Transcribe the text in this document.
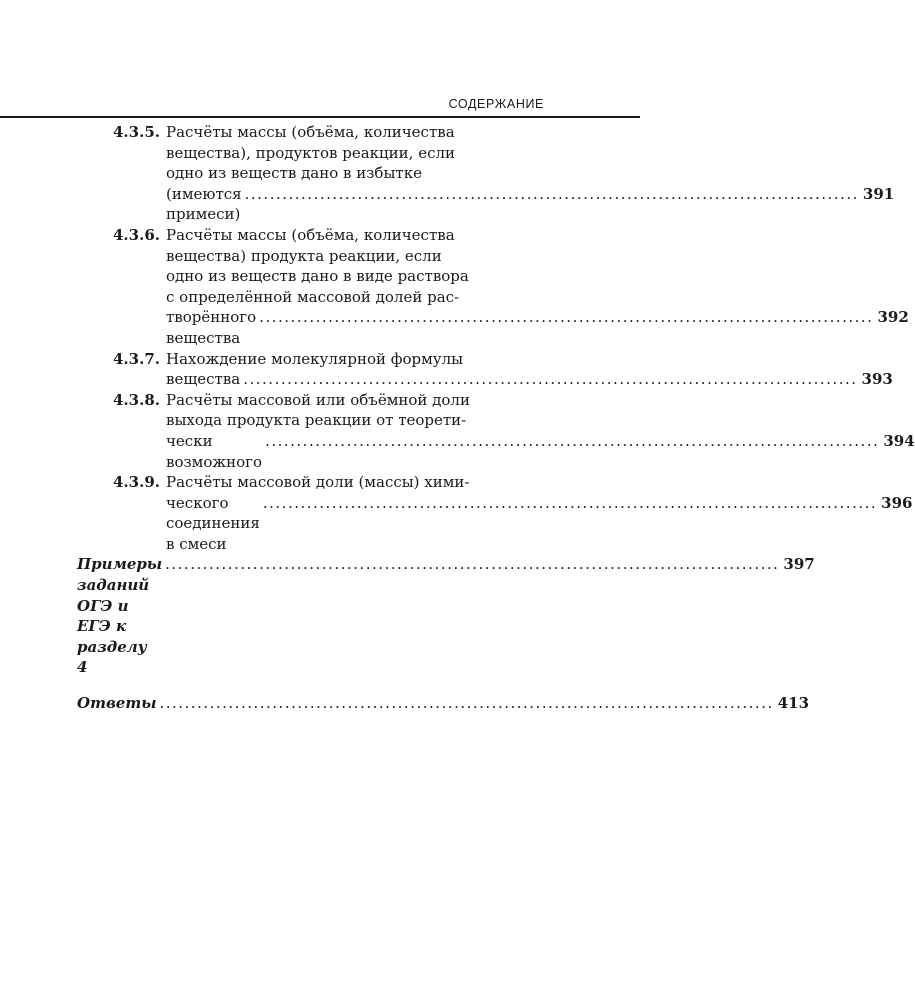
СОДЕРЖАНИЕ
4.3.5. Расчёты массы (объёма, количества
вещества), продуктов реакции, если
одно из веществ дано в избытке
(имеются примеси)
.................................................................................................. 391
4.3.6. Расчёты массы (объёма, количества
вещества) продукта реакции, если
одно из веществ дано в виде раствора
с определённой массовой долей рас-
творённого вещества
.................................................................................................. 392
4.3.7. Нахождение молекулярной формулы
вещества .................................................................................................. 393
4.3.8. Расчёты массовой или объёмной доли
выхода продукта реакции от теорети-
чески возможного
.................................................................................................. 394
4.3.9. Расчёты массовой доли (массы) хими-
ческого соединения в смеси
.................................................................................................. 396
Примеры заданий ОГЭ и ЕГЭ к разделу 4
.................................................................................................. 397
Ответы .................................................................................................. 413
